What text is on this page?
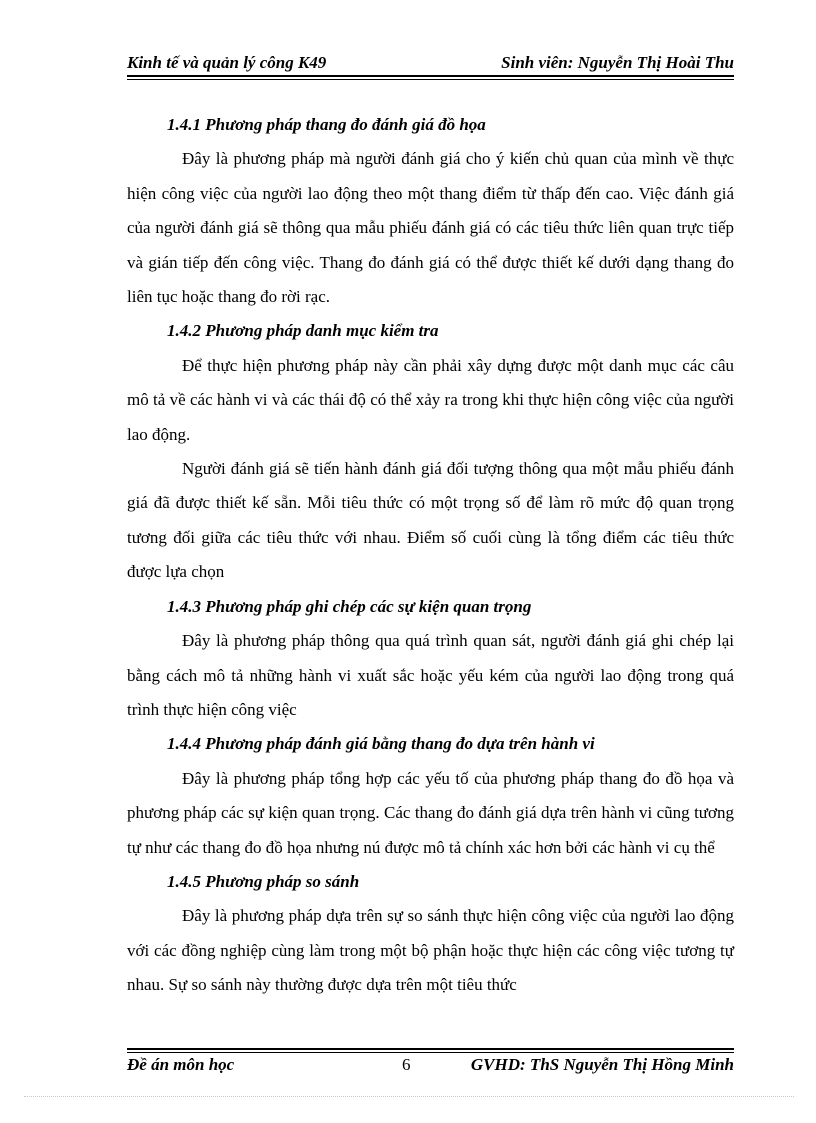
Kinh tế và quản lý công K49	Sinh viên: Nguyễn Thị Hoài Thu

1.4.1 Phương pháp thang đo đánh giá đồ họa

Đây là phương pháp mà người đánh giá cho ý kiến chủ quan của mình về thực hiện công việc của người lao động theo một thang điểm từ thấp đến cao. Việc đánh giá của người đánh giá sẽ thông qua mẫu phiếu đánh giá có các tiêu thức liên quan trực tiếp và gián tiếp đến công việc. Thang đo đánh giá có thể được thiết kế dưới dạng thang đo liên tục hoặc thang đo rời rạc.

1.4.2 Phương pháp danh mục kiểm tra

Để thực hiện phương pháp này cần phải xây dựng được một danh mục các câu mô tả về các hành vi và các thái độ có thể xảy ra trong khi thực hiện công việc của người lao động.

Người đánh giá sẽ tiến hành đánh giá đối tượng thông qua một mẫu phiếu đánh giá đã được thiết kế sẵn. Mỗi tiêu thức có một trọng số để làm rõ mức độ quan trọng tương đối giữa các tiêu thức với nhau. Điểm số cuối cùng là tổng điểm các tiêu thức được lựa chọn

1.4.3 Phương pháp ghi chép các sự kiện quan trọng

Đây là phương pháp thông qua quá trình quan sát, người đánh giá ghi chép lại bằng cách mô tả những hành vi xuất sắc hoặc yếu kém của người lao động trong quá trình thực hiện công việc

1.4.4 Phương pháp đánh giá bằng thang đo dựa trên hành vi

Đây là phương pháp tổng hợp các yếu tố của phương pháp thang đo đồ họa và phương pháp các sự kiện quan trọng. Các thang đo đánh giá dựa trên hành vi cũng tương tự như các thang đo đồ họa nhưng nú được mô tả chính xác hơn bởi các hành vi cụ thể

1.4.5 Phương pháp so sánh

Đây là phương pháp dựa trên sự so sánh thực hiện công việc của người lao động với các đồng nghiệp cùng làm trong một bộ phận hoặc thực hiện các công việc tương tự nhau. Sự so sánh này thường được dựa trên một tiêu thức

Đề án môn học	6	GVHD: ThS Nguyễn Thị Hồng Minh
